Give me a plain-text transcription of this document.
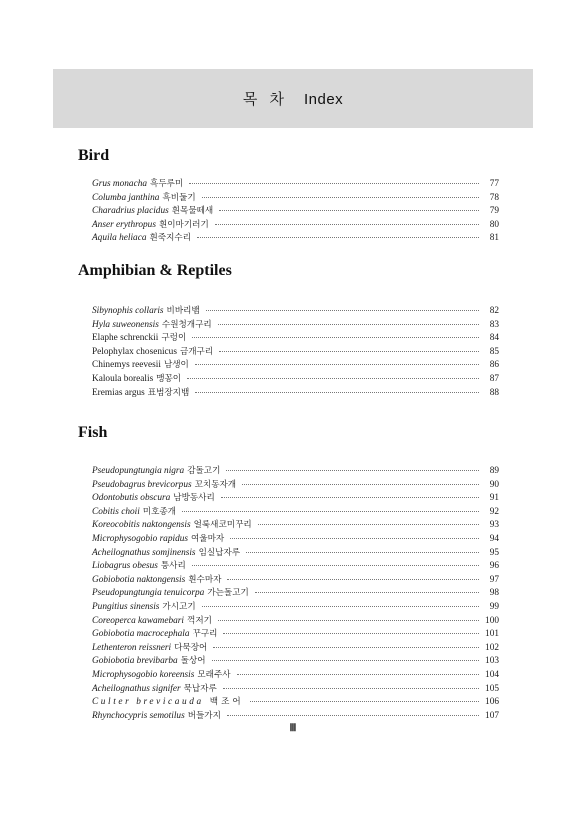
목 차 Index
Bird
Grus monacha 흑두루미	77
Columba janthina 흑비둘기	78
Charadrius placidus 흰목물떼새	79
Anser erythropus 흰이마기러기	80
Aquila heliaca 흰죽지수리	81
Amphibian & Reptiles
Sibynophis collaris 비바리뱀	82
Hyla suweonensis 수원청개구리	83
Elaphe schrenckii 구렁이	84
Pelophylax chosenicus 금개구리	85
Chinemys reevesii 남생이	86
Kaloula borealis 맹꽁이	87
Eremias argus 표범장지뱀	88
Fish
Pseudopungtungia nigra 감돌고기	89
Pseudobagrus brevicorpus 꼬치동자개	90
Odontobutis obscura 남방동사리	91
Cobitis choii 미호종개	92
Koreocobitis naktongensis 얼룩새코미꾸리	93
Microphysogobio rapidus 여울마자	94
Acheilognathus somjinensis 임실납자루	95
Liobagrus obesus 퉁사리	96
Gobiobotia naktongensis 흰수마자	97
Pseudopungtungia tenuicorpa 가는돌고기	98
Pungitius sinensis 가시고기	99
Coreoperca kawamebari 꺽저기	100
Gobiobotia macrocephala 꾸구리	101
Lethenteron reissneri 다묵장어	102
Gobiobotia brevibarba 돌상어	103
Microphysogobio koreensis 모래주사	104
Acheilognathus signifer 묵납자루	105
Culter brevicauda 백조어	106
Rhynchocypris semotilus 버들가지	107
Ⅲ
